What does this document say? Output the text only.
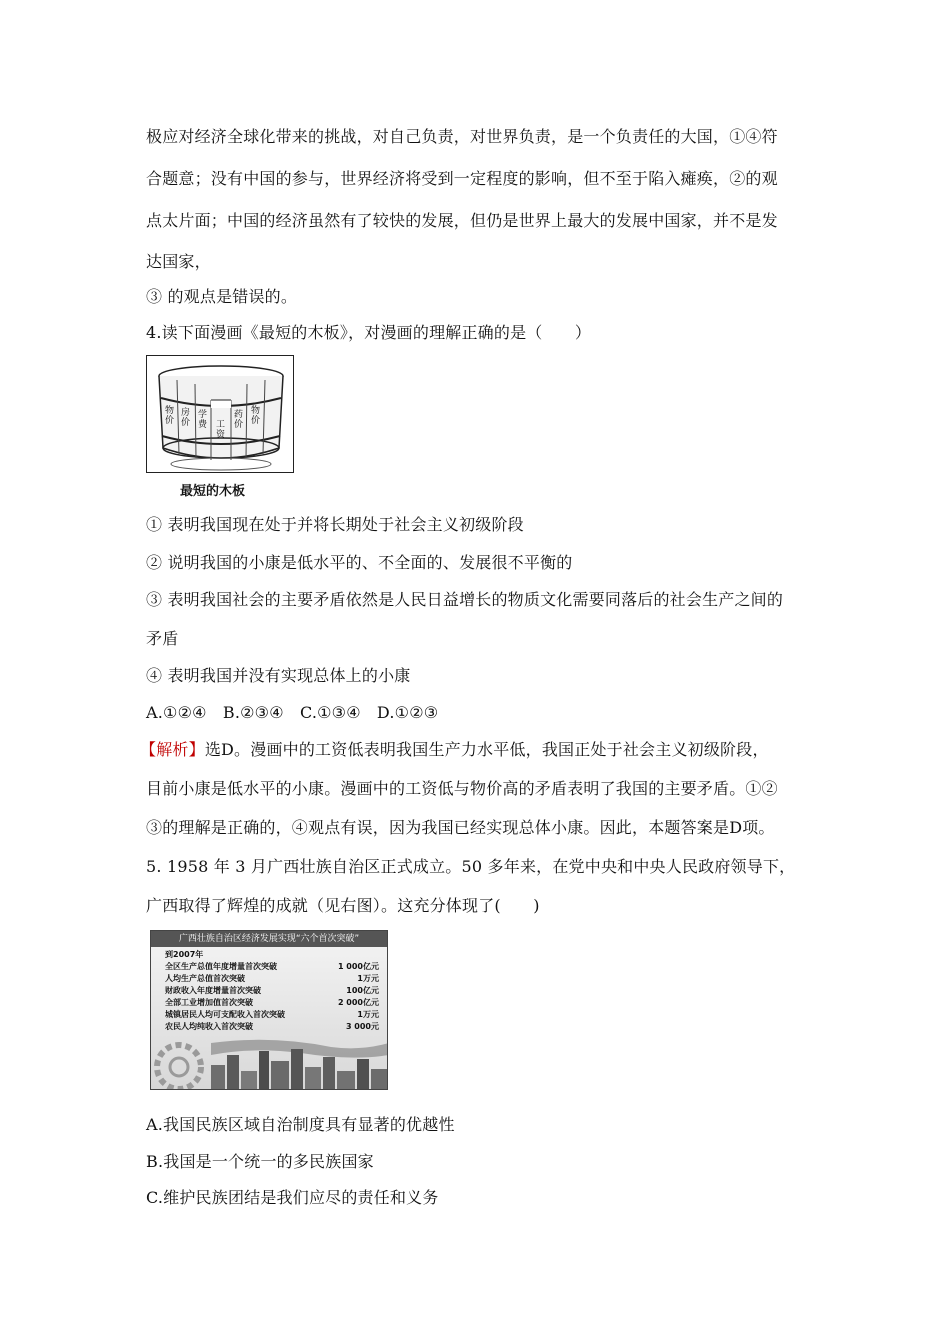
极应对经济全球化带来的挑战，对自己负责，对世界负责，是一个负责任的大国，①④符
合题意；没有中国的参与，世界经济将受到一定程度的影响，但不至于陷入瘫痪，②的观
点太片面；中国的经济虽然有了较快的发展，但仍是世界上最大的发展中国家，并不是发
达国家，
③ 的观点是错误的。
4.读下面漫画《最短的木板》，对漫画的理解正确的是（　　）
物价
房价
学费 工资
药价
物价
最短的木板
① 表明我国现在处于并将长期处于社会主义初级阶段
② 说明我国的小康是低水平的、不全面的、发展很不平衡的
③ 表明我国社会的主要矛盾依然是人民日益增长的物质文化需要同落后的社会生产之间的
矛盾
④ 表明我国并没有实现总体上的小康
A.①②④　B.②③④　C.①③④　D.①②③
【解析】选D。漫画中的工资低表明我国生产力水平低，我国正处于社会主义初级阶段，
目前小康是低水平的小康。漫画中的工资低与物价高的矛盾表明了我国的主要矛盾。①②
③的理解是正确的，④观点有误，因为我国已经实现总体小康。因此，本题答案是D项。
5. 1958 年 3 月广西壮族自治区正式成立。50 多年来，在党中央和中央人民政府领导下，
广西取得了辉煌的成就（见右图）。这充分体现了(　　)
广西壮族自治区经济发展实现“六个首次突破”
到2007年
全区生产总值年度增量首次突破	1 000亿元
人均生产总值首次突破	1万元
财政收入年度增量首次突破	100亿元
全部工业增加值首次突破	2 000亿元
城镇居民人均可支配收入首次突破	1万元
农民人均纯收入首次突破	3 000元
A.我国民族区域自治制度具有显著的优越性
B.我国是一个统一的多民族国家
C.维护民族团结是我们应尽的责任和义务
